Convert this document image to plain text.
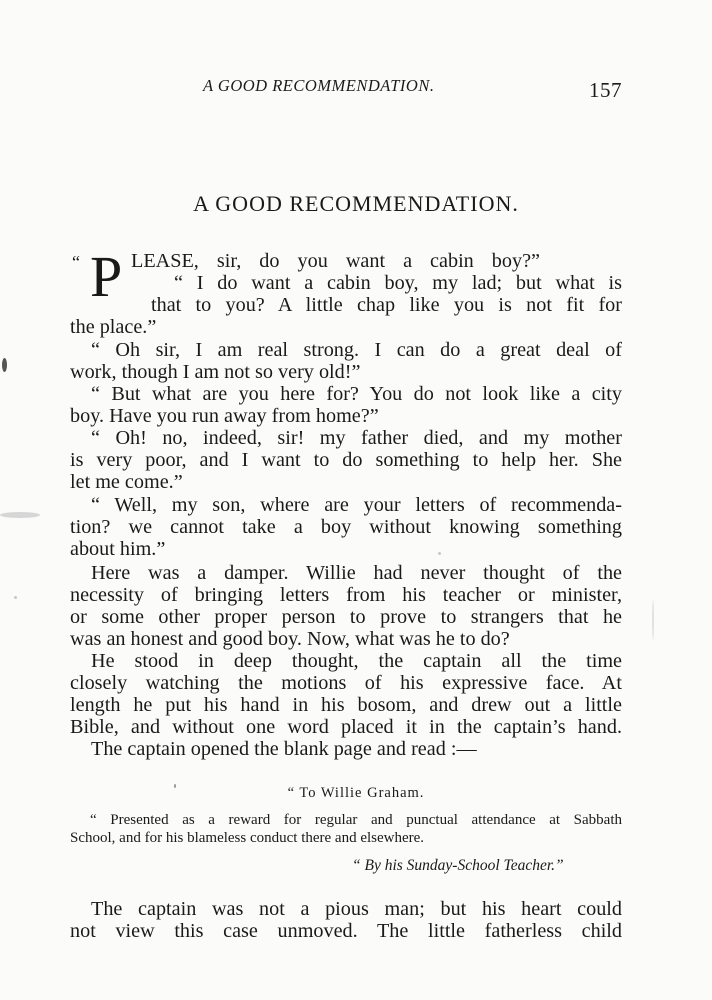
A GOOD RECOMMENDATION.	157
A GOOD RECOMMENDATION.
“ P LEASE, sir, do you want a cabin boy?”
“ I do want a cabin boy, my lad; but what is
that to you? A little chap like you is not fit for
the place.”
“ Oh sir, I am real strong. I can do a great deal of
work, though I am not so very old!”
“ But what are you here for? You do not look like a city
boy. Have you run away from home?”
“ Oh! no, indeed, sir! my father died, and my mother
is very poor, and I want to do something to help her. She
let me come.”
“ Well, my son, where are your letters of recommenda-
tion? we cannot take a boy without knowing something
about him.”
Here was a damper. Willie had never thought of the
necessity of bringing letters from his teacher or minister,
or some other proper person to prove to strangers that he
was an honest and good boy. Now, what was he to do?
He stood in deep thought, the captain all the time
closely watching the motions of his expressive face. At
length he put his hand in his bosom, and drew out a little
Bible, and without one word placed it in the captain’s hand.
The captain opened the blank page and read :—
“ To Willie Graham.
“ Presented as a reward for regular and punctual attendance at Sabbath
School, and for his blameless conduct there and elsewhere.
“ By his Sunday-School Teacher.”
The captain was not a pious man; but his heart could
not view this case unmoved. The little fatherless child
